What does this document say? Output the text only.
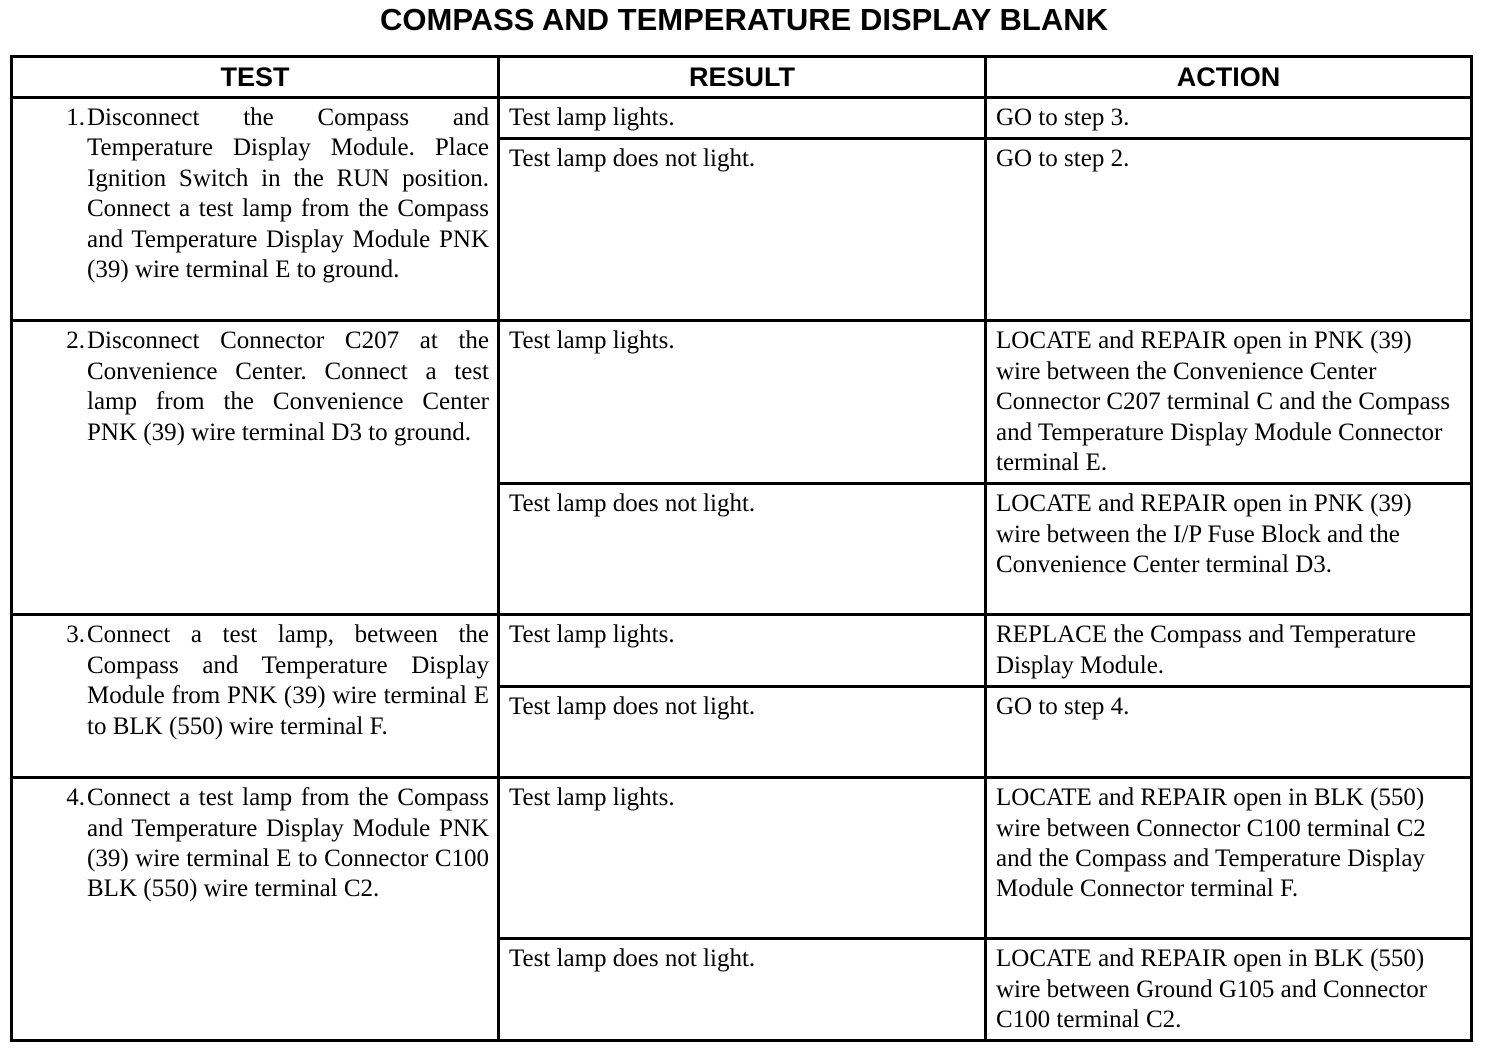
COMPASS AND TEMPERATURE DISPLAY BLANK
TEST	RESULT	ACTION

1. Disconnect the Compass and Temperature Display Module. Place Ignition Switch in the RUN position. Connect a test lamp from the Compass and Temperature Display Module PNK (39) wire terminal E to ground.	Test lamp lights.	GO to step 3.
	Test lamp does not light.	GO to step 2.

2. Disconnect Connector C207 at the Convenience Center. Connect a test lamp from the Convenience Center PNK (39) wire terminal D3 to ground.	Test lamp lights.	LOCATE and REPAIR open in PNK (39) wire between the Convenience Center Connector C207 terminal C and the Compass and Temperature Display Module Connector terminal E.
	Test lamp does not light.	LOCATE and REPAIR open in PNK (39) wire between the I/P Fuse Block and the Convenience Center terminal D3.

3. Connect a test lamp, between the Compass and Temperature Display Module from PNK (39) wire terminal E to BLK (550) wire terminal F.	Test lamp lights.	REPLACE the Compass and Temperature Display Module.
	Test lamp does not light.	GO to step 4.

4. Connect a test lamp from the Compass and Temperature Display Module PNK (39) wire terminal E to Connector C100 BLK (550) wire terminal C2.	Test lamp lights.	LOCATE and REPAIR open in BLK (550) wire between Connector C100 terminal C2 and the Compass and Temperature Display Module Connector terminal F.
	Test lamp does not light.	LOCATE and REPAIR open in BLK (550) wire between Ground G105 and Connector C100 terminal C2.
